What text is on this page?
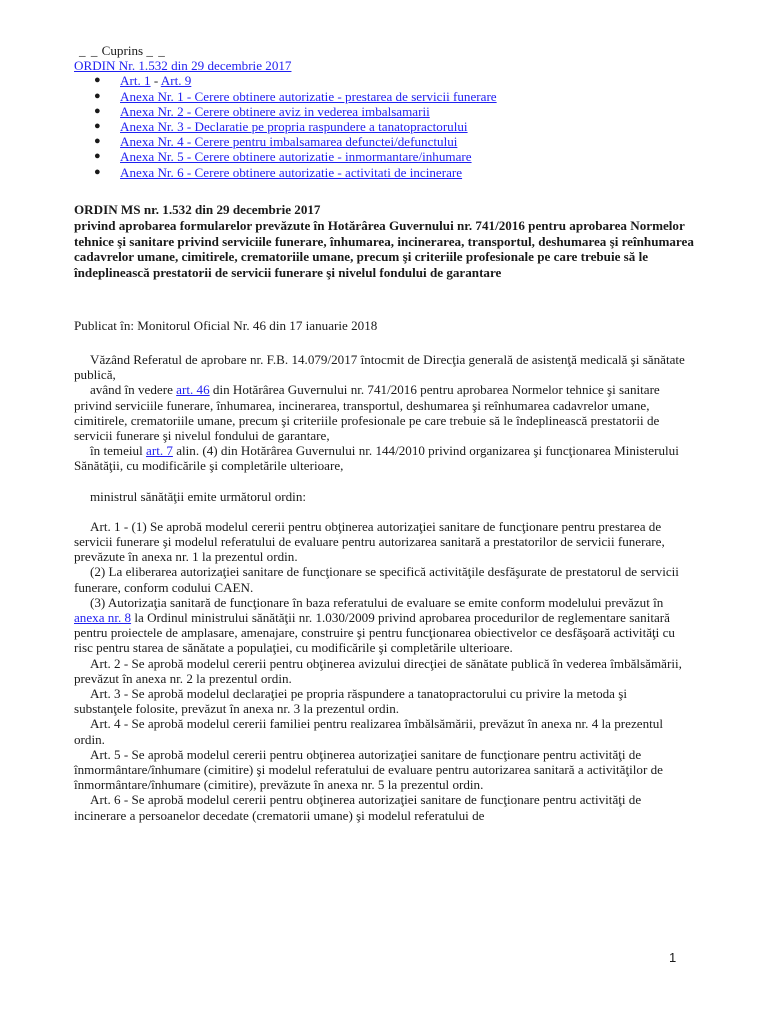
_ _ Cuprins _ _
ORDIN Nr. 1.532 din 29 decembrie 2017
● Art. 1 - Art. 9
● Anexa Nr. 1 - Cerere obtinere autorizatie - prestarea de servicii funerare
● Anexa Nr. 2 - Cerere obtinere aviz in vederea imbalsamarii
● Anexa Nr. 3 - Declaratie pe propria raspundere a tanatopractorului
● Anexa Nr. 4 - Cerere pentru imbalsamarea defunctei/defunctului
● Anexa Nr. 5 - Cerere obtinere autorizatie - inmormantare/inhumare
● Anexa Nr. 6 - Cerere obtinere autorizatie - activitati de incinerare
ORDIN MS nr. 1.532 din 29 decembrie 2017
privind aprobarea formularelor prevăzute în Hotărârea Guvernului nr. 741/2016 pentru aprobarea Normelor tehnice şi sanitare privind serviciile funerare, înhumarea, incinerarea, transportul, deshumarea şi reînhumarea cadavrelor umane, cimitirele, crematoriile umane, precum şi criteriile profesionale pe care trebuie să le îndeplinească prestatorii de servicii funerare şi nivelul fondului de garantare
Publicat în: Monitorul Oficial Nr. 46 din 17 ianuarie 2018

Văzând Referatul de aprobare nr. F.B. 14.079/2017 întocmit de Direcţia generală de asistenţă medicală şi sănătate publică,

având în vedere art. 46 din Hotărârea Guvernului nr. 741/2016 pentru aprobarea Normelor tehnice şi sanitare privind serviciile funerare, înhumarea, incinerarea, transportul, deshumarea şi reînhumarea cadavrelor umane, cimitirele, crematoriile umane, precum şi criteriile profesionale pe care trebuie să le îndeplinească prestatorii de servicii funerare şi nivelul fondului de garantare,

în temeiul art. 7 alin. (4) din Hotărârea Guvernului nr. 144/2010 privind organizarea şi funcţionarea Ministerului Sănătăţii, cu modificările şi completările ulterioare,

ministrul sănătăţii emite următorul ordin:

Art. 1 - (1) Se aprobă modelul cererii pentru obţinerea autorizaţiei sanitare de funcţionare pentru prestarea de servicii funerare şi modelul referatului de evaluare pentru autorizarea sanitară a prestatorilor de servicii funerare, prevăzute în anexa nr. 1 la prezentul ordin.

(2) La eliberarea autorizaţiei sanitare de funcţionare se specifică activităţile desfăşurate de prestatorul de servicii funerare, conform codului CAEN.

(3) Autorizaţia sanitară de funcţionare în baza referatului de evaluare se emite conform modelului prevăzut în anexa nr. 8 la Ordinul ministrului sănătăţii nr. 1.030/2009 privind aprobarea procedurilor de reglementare sanitară pentru proiectele de amplasare, amenajare, construire şi pentru funcţionarea obiectivelor ce desfăşoară activităţi cu risc pentru starea de sănătate a populaţiei, cu modificările şi completările ulterioare.

Art. 2 - Se aprobă modelul cererii pentru obţinerea avizului direcţiei de sănătate publică în vederea îmbălsămării, prevăzut în anexa nr. 2 la prezentul ordin.

Art. 3 - Se aprobă modelul declaraţiei pe propria răspundere a tanatopractorului cu privire la metoda şi substanţele folosite, prevăzut în anexa nr. 3 la prezentul ordin.

Art. 4 - Se aprobă modelul cererii familiei pentru realizarea îmbălsămării, prevăzut în anexa nr. 4 la prezentul ordin.

Art. 5 - Se aprobă modelul cererii pentru obţinerea autorizaţiei sanitare de funcţionare pentru activităţi de înmormântare/înhumare (cimitire) şi modelul referatului de evaluare pentru autorizarea sanitară a activităţilor de înmormântare/înhumare (cimitire), prevăzute în anexa nr. 5 la prezentul ordin.

Art. 6 - Se aprobă modelul cererii pentru obţinerea autorizaţiei sanitare de funcţionare pentru activităţi de incinerare a persoanelor decedate (crematorii umane) şi modelul referatului de

1
